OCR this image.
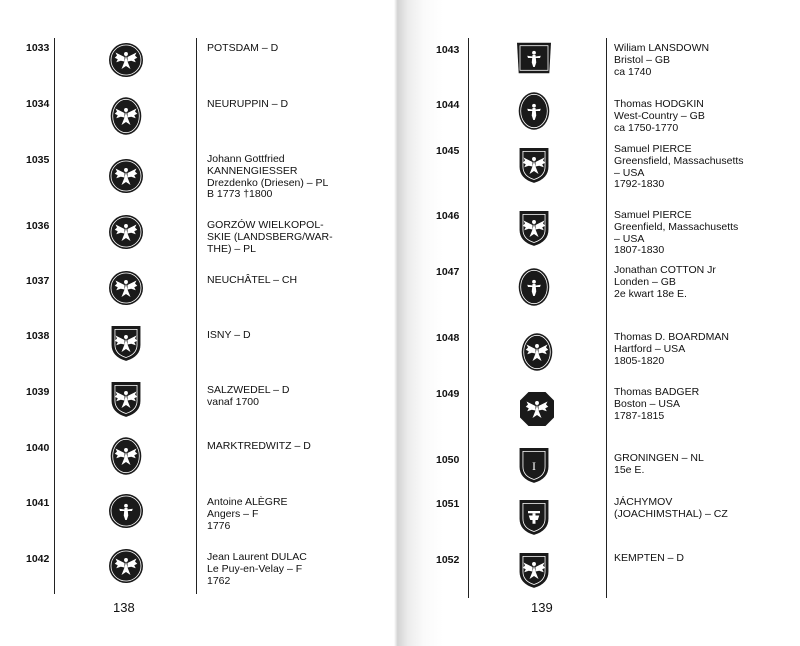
1033
1034
1035
1036
1037
1038
1039
1040
1041
1042
POTSDAM – D
NEURUPPIN – D
Johann Gottfried
KANNENGIESSER
Drezdenko (Driesen) – PL
B 1773 †1800
GORZÓW WIELKOPOL-
SKIE (LANDSBERG/WAR-
THE) – PL
NEUCHÂTEL – CH
ISNY – D
SALZWEDEL – D
vanaf 1700
MARKTREDWITZ – D
Antoine ALÈGRE
Angers – F
1776
Jean Laurent DULAC
Le Puy-en-Velay – F
1762
138
1043
1044
1045
1046
1047
1048
1049
1050
1051
1052
Wiliam LANSDOWN
Bristol – GB
ca 1740
Thomas HODGKIN
West-Country – GB
ca 1750-1770
Samuel PIERCE
Greensfield, Massachusetts
– USA
1792-1830
Samuel PIERCE
Greenfield, Massachusetts
– USA
1807-1830
Jonathan COTTON Jr
Londen – GB
2e kwart 18e E.
Thomas D. BOARDMAN
Hartford – USA
1805-1820
Thomas BADGER
Boston – USA
1787-1815
GRONINGEN – NL
15e E.
JÁCHYMOV
(JOACHIMSTHAL) – CZ
KEMPTEN – D
139
I
